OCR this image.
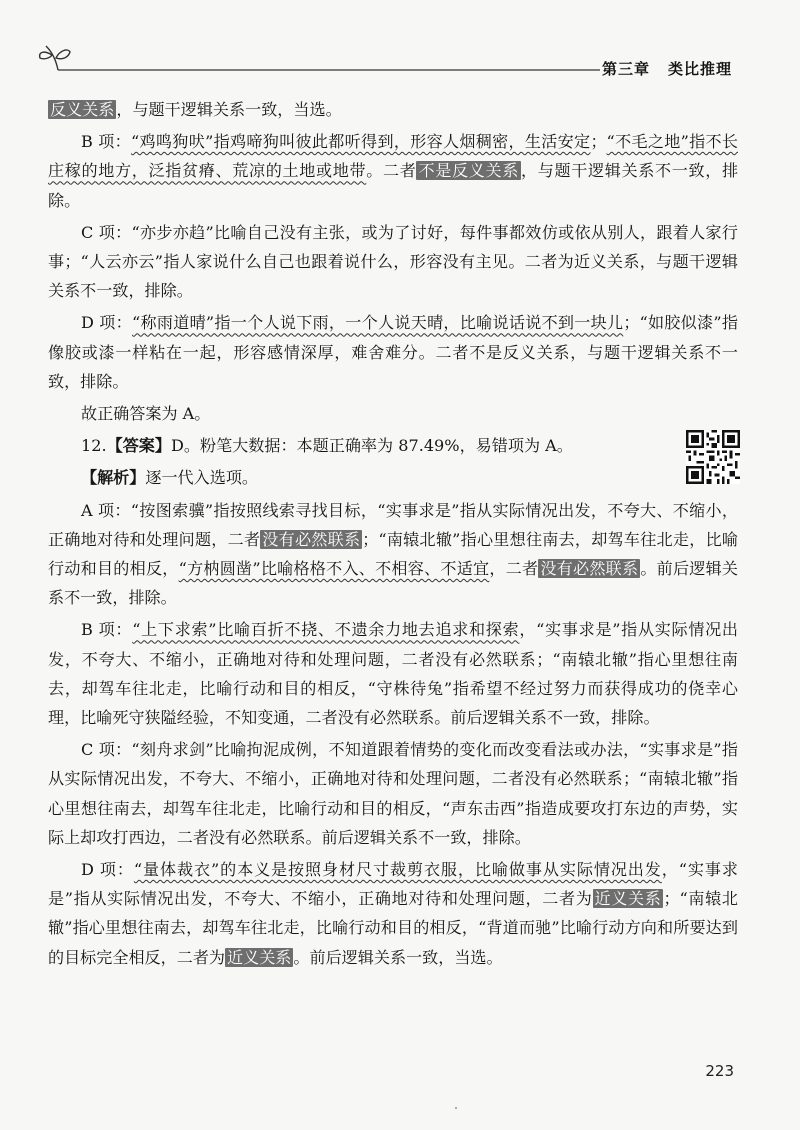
第三章 类比推理

反义关系 ，与题干逻辑关系一致，当选。

B 项：“鸡鸣狗吠”指鸡啼狗叫彼此都听得到，形容人烟稠密，生活安定；“不毛之地”指不长庄稼的地方，泛指贫瘠、荒凉的土地或地带。二者 不是反义关系 ，与题干逻辑关系不一致，排除。

C 项：“亦步亦趋”比喻自己没有主张，或为了讨好，每件事都效仿或依从别人，跟着人家行事；“人云亦云”指人家说什么自己也跟着说什么，形容没有主见。二者为近义关系，与题干逻辑关系不一致，排除。

D 项：“称雨道晴”指一个人说下雨，一个人说天晴，比喻说话说不到一块儿；“如胶似漆”指像胶或漆一样粘在一起，形容感情深厚，难舍难分。二者不是反义关系，与题干逻辑关系不一致，排除。

故正确答案为 A。

12.【答案】D。粉笔大数据：本题正确率为 87.49%，易错项为 A。

【解析】逐一代入选项。

A 项：“按图索骥”指按照线索寻找目标，“实事求是”指从实际情况出发，不夸大、不缩小，正确地对待和处理问题，二者 没有必然联系 ；“南辕北辙”指心里想往南去，却驾车往北走，比喻行动和目的相反，“方枘圆凿”比喻格格不入、不相容、不适宜，二者 没有必然联系 。前后逻辑关系不一致，排除。

B 项：“上下求索”比喻百折不挠、不遗余力地去追求和探索，“实事求是”指从实际情况出发，不夸大、不缩小，正确地对待和处理问题，二者没有必然联系；“南辕北辙”指心里想往南去，却驾车往北走，比喻行动和目的相反，“守株待兔”指希望不经过努力而获得成功的侥幸心理，比喻死守狭隘经验，不知变通，二者没有必然联系。前后逻辑关系不一致，排除。

C 项：“刻舟求剑”比喻拘泥成例，不知道跟着情势的变化而改变看法或办法，“实事求是”指从实际情况出发，不夸大、不缩小，正确地对待和处理问题，二者没有必然联系；“南辕北辙”指心里想往南去，却驾车往北走，比喻行动和目的相反，“声东击西”指造成要攻打东边的声势，实际上却攻打西边，二者没有必然联系。前后逻辑关系不一致，排除。

D 项：“量体裁衣”的本义是按照身材尺寸裁剪衣服，比喻做事从实际情况出发，“实事求是”指从实际情况出发，不夸大、不缩小，正确地对待和处理问题，二者为 近义关系 ；“南辕北辙”指心里想往南去，却驾车往北走，比喻行动和目的相反，“背道而驰”比喻行动方向和所要达到的目标完全相反，二者为 近义关系 。前后逻辑关系一致，当选。

223
